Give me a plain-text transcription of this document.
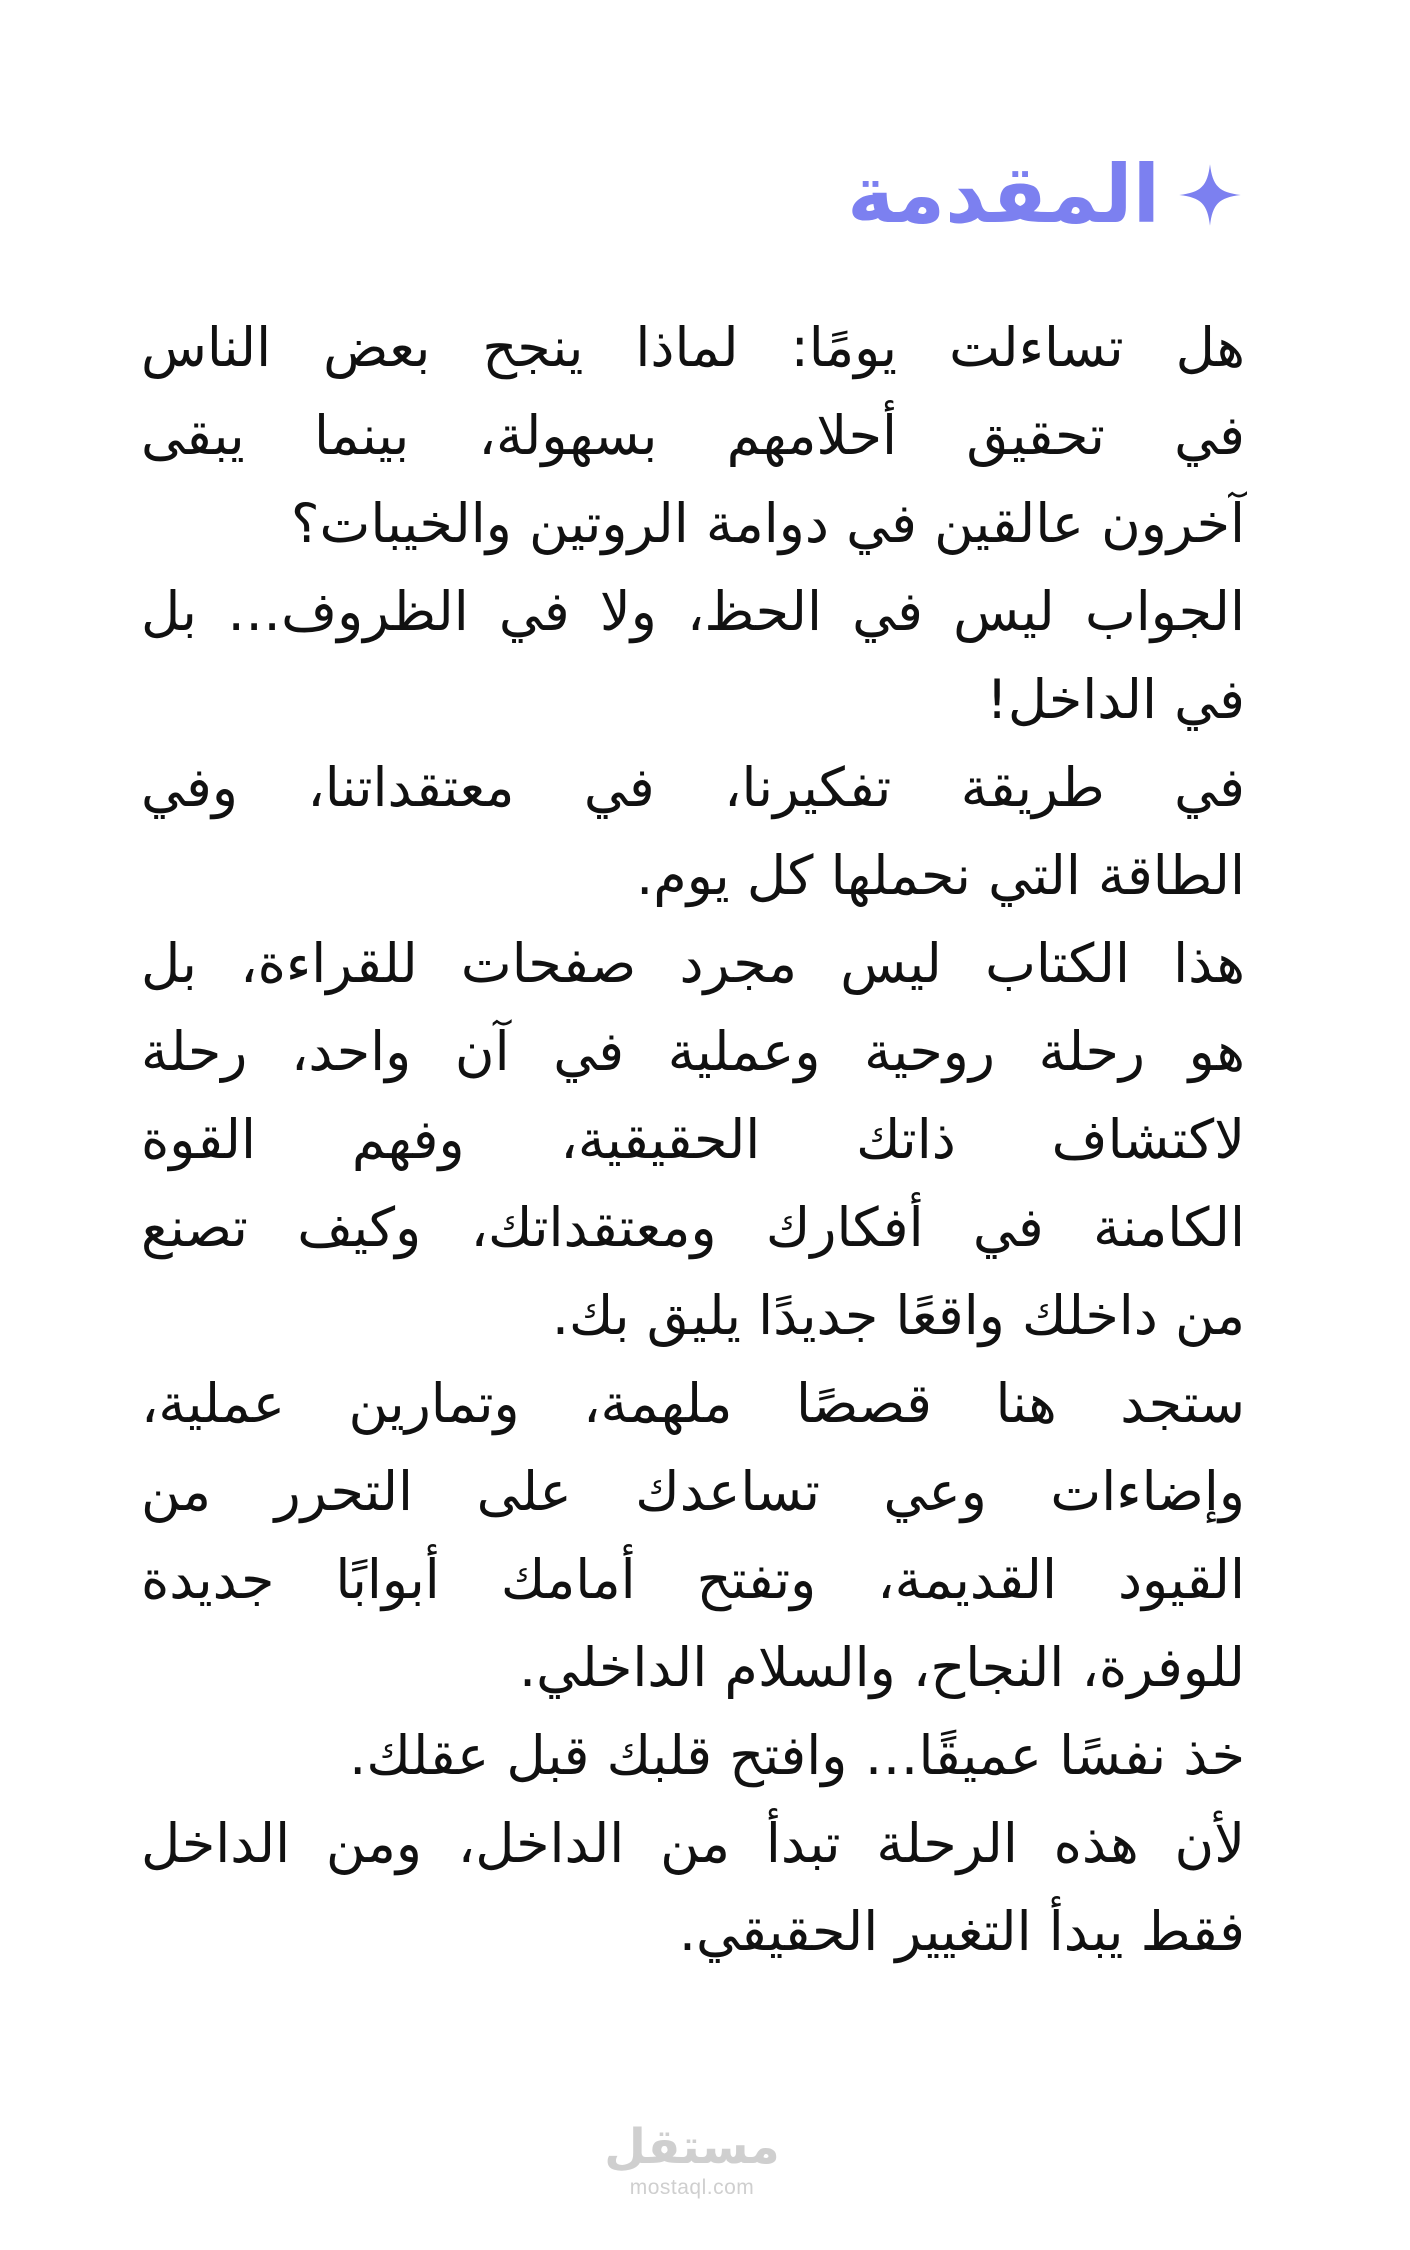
المقدمة
هل تساءلت يومًا: لماذا ينجح بعض الناس
في تحقيق أحلامهم بسهولة، بينما يبقى
آخرون عالقين في دوامة الروتين والخيبات؟
الجواب ليس في الحظ، ولا في الظروف… بل
في الداخل!
في طريقة تفكيرنا، في معتقداتنا، وفي
الطاقة التي نحملها كل يوم.
هذا الكتاب ليس مجرد صفحات للقراءة، بل
هو رحلة روحية وعملية في آن واحد، رحلة
لاكتشاف ذاتك الحقيقية، وفهم القوة
الكامنة في أفكارك ومعتقداتك، وكيف تصنع
من داخلك واقعًا جديدًا يليق بك.
ستجد هنا قصصًا ملهمة، وتمارين عملية،
وإضاءات وعي تساعدك على التحرر من
القيود القديمة، وتفتح أمامك أبوابًا جديدة
للوفرة، النجاح، والسلام الداخلي.
خذ نفسًا عميقًا… وافتح قلبك قبل عقلك.
لأن هذه الرحلة تبدأ من الداخل، ومن الداخل
فقط يبدأ التغيير الحقيقي.
مستقل
mostaql.com
